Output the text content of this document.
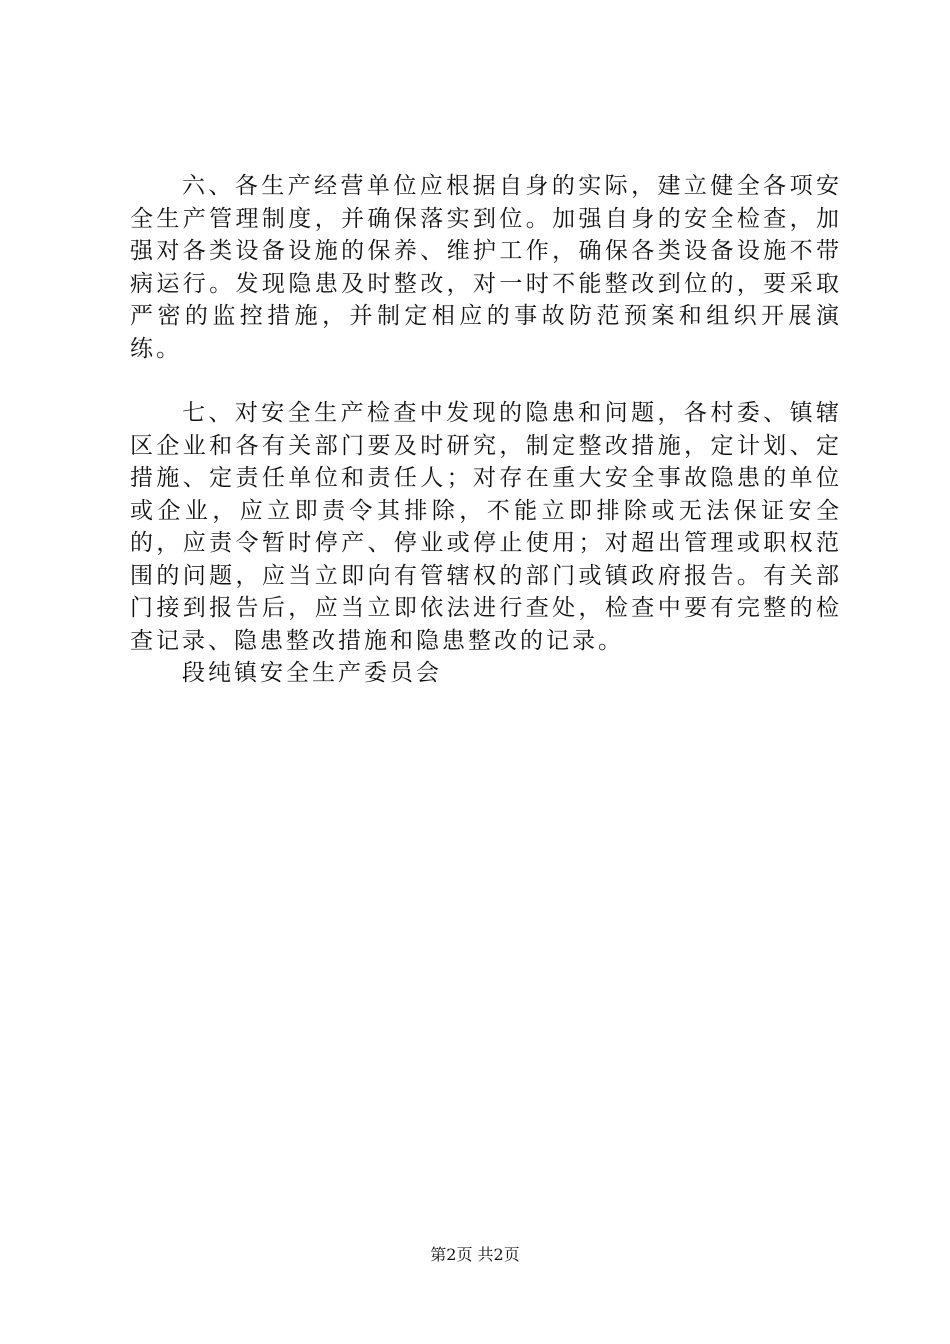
六、各生产经营单位应根据自身的实际，建立健全各项安全生产管理制度，并确保落实到位。加强自身的安全检查，加强对各类设备设施的保养、维护工作，确保各类设备设施不带病运行。发现隐患及时整改，对一时不能整改到位的，要采取严密的监控措施，并制定相应的事故防范预案和组织开展演练。

七、对安全生产检查中发现的隐患和问题，各村委、镇辖区企业和各有关部门要及时研究，制定整改措施，定计划、定措施、定责任单位和责任人；对存在重大安全事故隐患的单位或企业，应立即责令其排除，不能立即排除或无法保证安全的，应责令暂时停产、停业或停止使用；对超出管理或职权范围的问题，应当立即向有管辖权的部门或镇政府报告。有关部门接到报告后，应当立即依法进行查处，检查中要有完整的检查记录、隐患整改措施和隐患整改的记录。

段纯镇安全生产委员会

第2页 共2页
